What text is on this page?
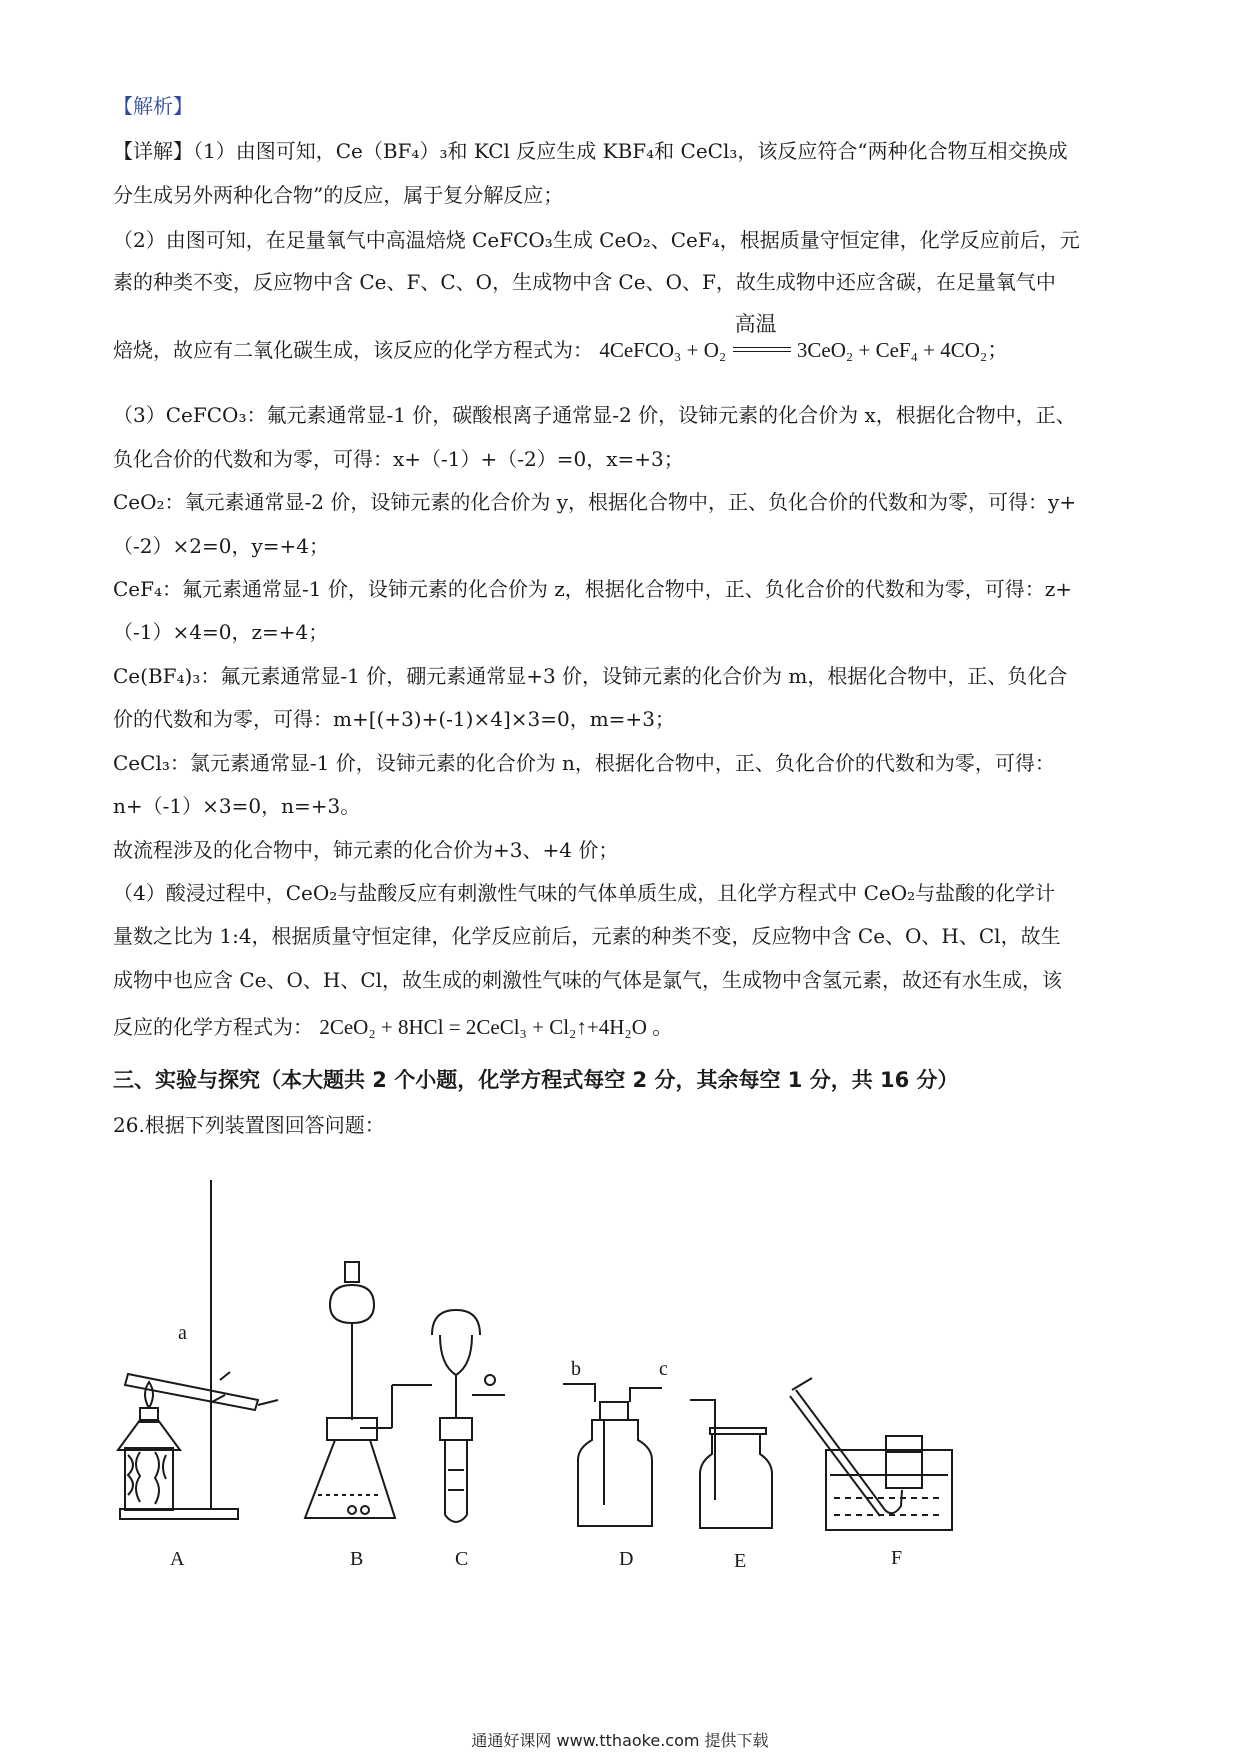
【解析】
【详解】（1）由图可知，Ce（BF₄）₃和 KCl 反应生成 KBF₄和 CeCl₃，该反应符合“两种化合物互相交换成
分生成另外两种化合物”的反应，属于复分解反应；
（2）由图可知，在足量氧气中高温焙烧 CeFCO₃生成 CeO₂、CeF₄，根据质量守恒定律，化学反应前后，元
素的种类不变，反应物中含 Ce、F、C、O，生成物中含 Ce、O、F，故生成物中还应含碳，在足量氧气中
焙烧，故应有二氧化碳生成，该反应的化学方程式为： 4CeFCO₃ + O₂
高温
3CeO₂ + CeF₄ + 4CO₂；
（3）CeFCO₃：氟元素通常显-1 价，碳酸根离子通常显-2 价，设铈元素的化合价为 x，根据化合物中，正、
负化合价的代数和为零，可得：x+（-1）+（-2）=0，x=+3；
CeO₂：氧元素通常显-2 价，设铈元素的化合价为 y，根据化合物中，正、负化合价的代数和为零，可得：y+
（-2）×2=0，y=+4；
CeF₄：氟元素通常显-1 价，设铈元素的化合价为 z，根据化合物中，正、负化合价的代数和为零，可得：z+
（-1）×4=0，z=+4；
Ce(BF₄)₃：氟元素通常显-1 价，硼元素通常显+3 价，设铈元素的化合价为 m，根据化合物中，正、负化合
价的代数和为零，可得：m+[(+3)+(-1)×4]×3=0，m=+3；
CeCl₃：氯元素通常显-1 价，设铈元素的化合价为 n，根据化合物中，正、负化合价的代数和为零，可得：
n+（-1）×3=0，n=+3。
故流程涉及的化合物中，铈元素的化合价为+3、+4 价；
（4）酸浸过程中，CeO₂与盐酸反应有刺激性气味的气体单质生成，且化学方程式中 CeO₂与盐酸的化学计
量数之比为 1:4，根据质量守恒定律，化学反应前后，元素的种类不变，反应物中含 Ce、O、H、Cl，故生
成物中也应含 Ce、O、H、Cl，故生成的刺激性气味的气体是氯气，生成物中含氢元素，故还有水生成，该
反应的化学方程式为： 2CeO₂ + 8HCl = 2CeCl₃ + Cl₂↑+4H₂O 。
三、实验与探究（本大题共 2 个小题，化学方程式每空 2 分，其余每空 1 分，共 16 分）
26.根据下列装置图回答问题：
a
b	c
A	B	C	D	E	F
通通好课网 www.tthaoke.com 提供下载
